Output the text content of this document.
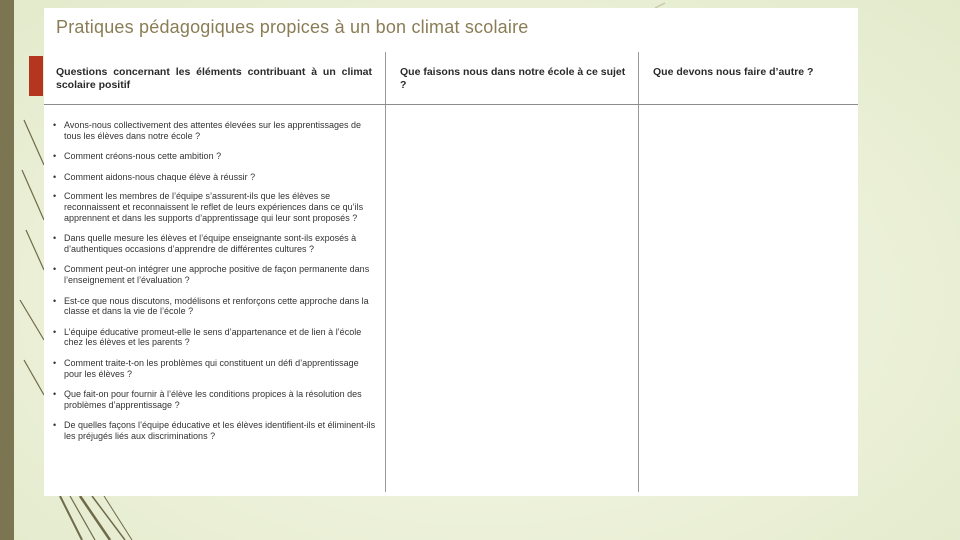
Pratiques pédagogiques propices à un bon climat scolaire
Questions concernant les éléments contribuant à un climat scolaire positif
Que faisons nous dans notre école à ce sujet ?
Que devons nous faire d’autre ?
• Avons-nous collectivement des attentes élevées sur les apprentissages de tous les élèves dans notre école ?
• Comment créons-nous cette ambition ?
• Comment aidons-nous chaque élève à réussir ?
• Comment les membres de l’équipe s’assurent-ils que les élèves se reconnaissent et reconnaissent le reflet de leurs expériences dans ce qu’ils apprennent et dans les supports d’apprentissage qui leur sont proposés ?
• Dans quelle mesure les élèves et l’équipe enseignante sont-ils exposés à d’authentiques occasions d’apprendre de différentes cultures ?
• Comment peut-on intégrer une approche positive de façon permanente dans l’enseignement et l’évaluation ?
• Est-ce que nous discutons, modélisons et renforçons cette approche dans la classe et dans la vie de l’école ?
• L’équipe éducative promeut-elle le sens d’appartenance et de lien à l’école chez les élèves et les parents ?
• Comment traite-t-on les problèmes qui constituent un défi d’apprentissage pour les élèves ?
• Que fait-on pour fournir à l’élève les conditions propices à la résolution des problèmes d’apprentissage ?
• De quelles façons l’équipe éducative et les élèves identifient-ils et éliminent-ils les préjugés liés aux discriminations ?
